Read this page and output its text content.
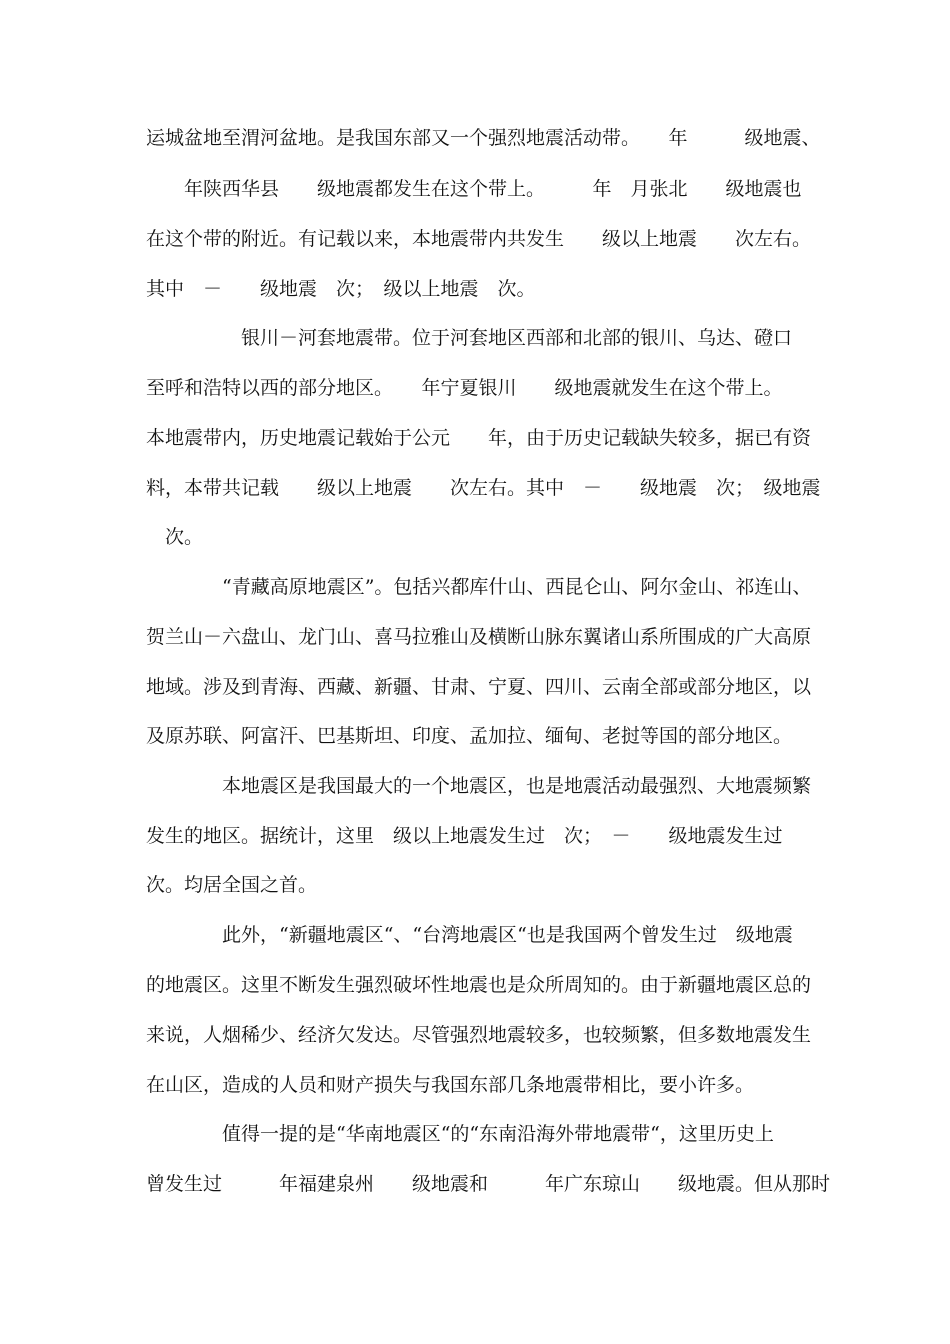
运城盆地至渭河盆地。是我国东部又一个强烈地震活动带。　　年　　　级地震、
　　年陕西华县　　级地震都发生在这个带上。　　　年　月张北　　级地震也
在这个带的附近。有记载以来，本地震带内共发生　　级以上地震　　次左右。
其中　－　　级地震　次；　级以上地震　次。
　　　　　银川－河套地震带。位于河套地区西部和北部的银川、乌达、磴口
至呼和浩特以西的部分地区。　　年宁夏银川　　级地震就发生在这个带上。
本地震带内，历史地震记载始于公元　　年，由于历史记载缺失较多，据已有资
料，本带共记载　　级以上地震　　次左右。其中　－　　级地震　次；　级地震
　次。
　　　　“青藏高原地震区”。包括兴都库什山、西昆仑山、阿尔金山、祁连山、
贺兰山－六盘山、龙门山、喜马拉雅山及横断山脉东翼诸山系所围成的广大高原
地域。涉及到青海、西藏、新疆、甘肃、宁夏、四川、云南全部或部分地区，以
及原苏联、阿富汗、巴基斯坦、印度、孟加拉、缅甸、老挝等国的部分地区。
　　　　本地震区是我国最大的一个地震区，也是地震活动最强烈、大地震频繁
发生的地区。据统计，这里　级以上地震发生过　次；　－　　级地震发生过
次。均居全国之首。
　　　　此外，“新疆地震区“、“台湾地震区“也是我国两个曾发生过　级地震
的地震区。这里不断发生强烈破坏性地震也是众所周知的。由于新疆地震区总的
来说，人烟稀少、经济欠发达。尽管强烈地震较多，也较频繁，但多数地震发生
在山区，造成的人员和财产损失与我国东部几条地震带相比，要小许多。
　　　　值得一提的是“华南地震区“的“东南沿海外带地震带“，这里历史上
曾发生过　　　年福建泉州　　级地震和　　　年广东琼山　　级地震。但从那时
